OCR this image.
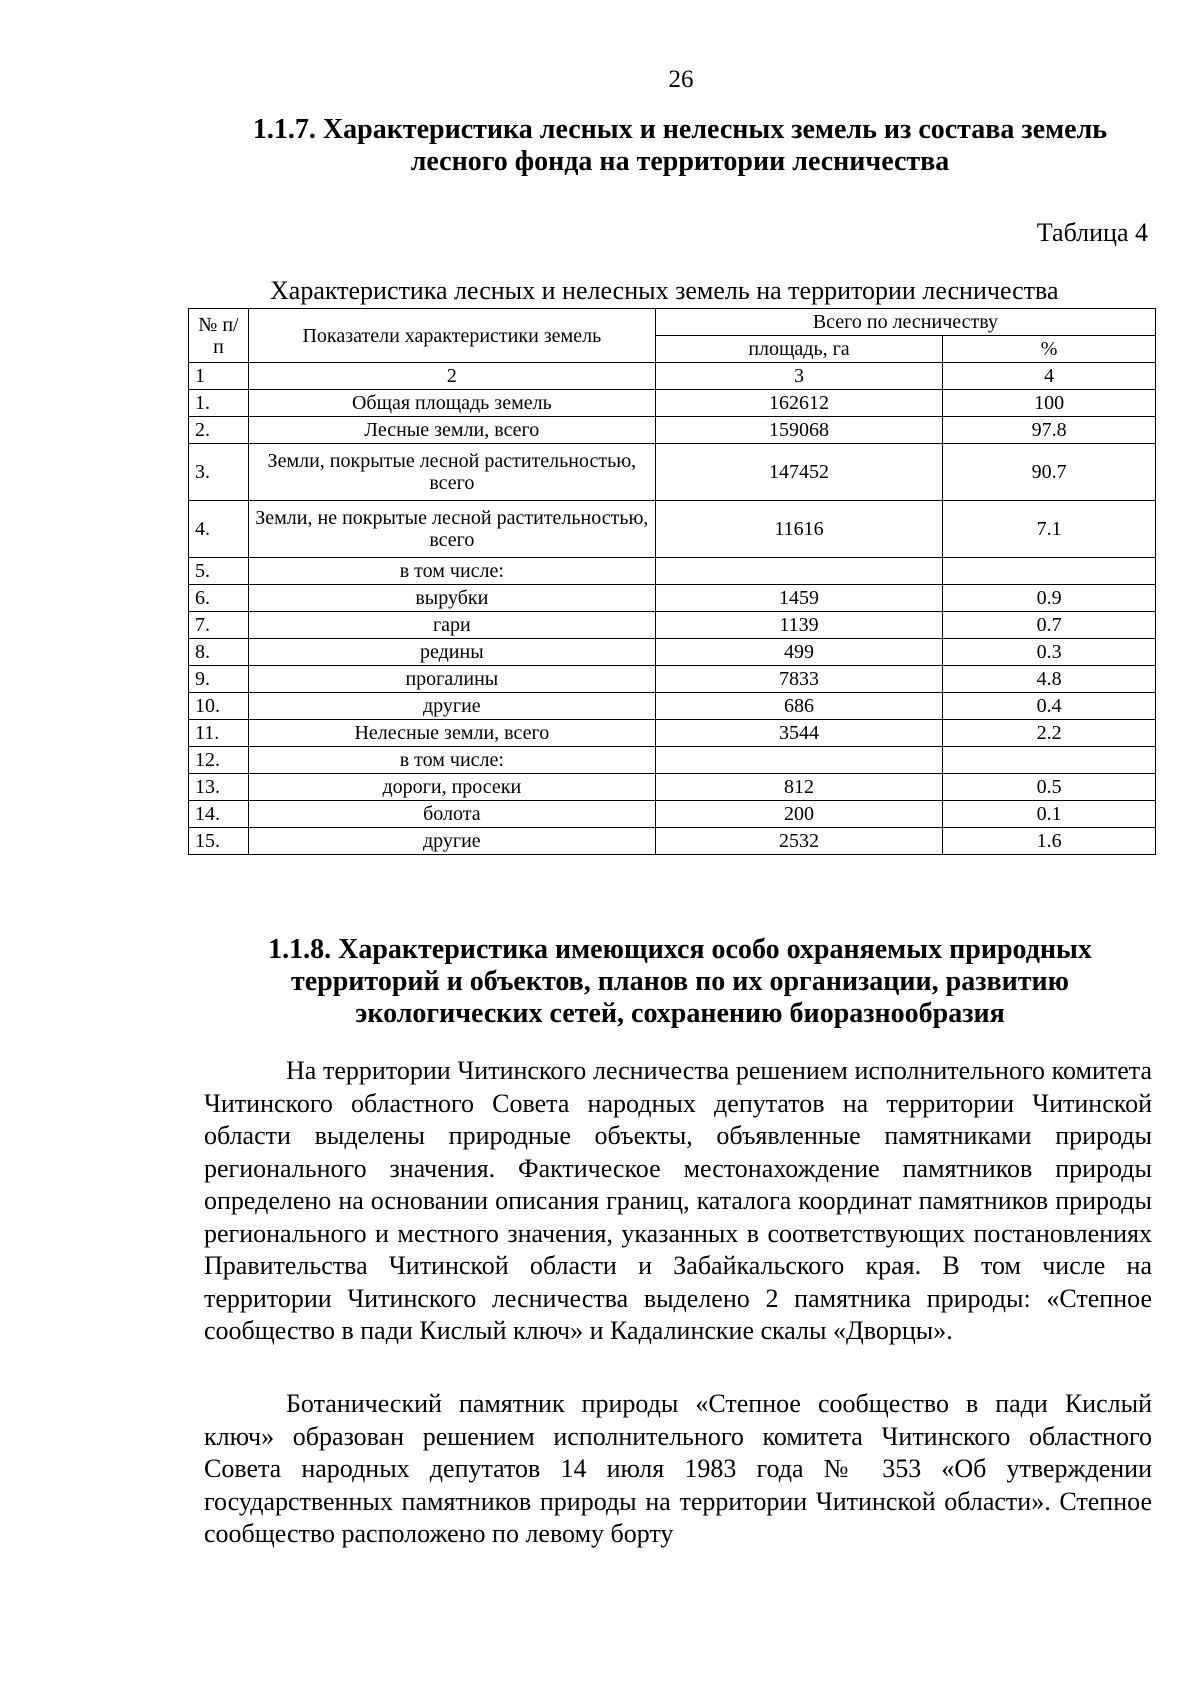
26
1.1.7. Характеристика лесных и нелесных земель из состава земель
лесного фонда на территории лесничества
Таблица 4
Характеристика лесных и нелесных земель на территории лесничества
№ п/п	Показатели характеристики земель	Всего по лесничеству	
		площадь, га	%
1	2	3	4
1.	Общая площадь земель	162612	100
2.	Лесные земли, всего	159068	97.8
3.	Земли, покрытые лесной растительностью, всего	147452	90.7
4.	Земли, не покрытые лесной растительностью, всего	11616	7.1
5.	в том числе:		
6.	вырубки	1459	0.9
7.	гари	1139	0.7
8.	редины	499	0.3
9.	прогалины	7833	4.8
10.	другие	686	0.4
11.	Нелесные земли, всего	3544	2.2
12.	в том числе:		
13.	дороги, просеки	812	0.5
14.	болота	200	0.1
15.	другие	2532	1.6
1.1.8. Характеристика имеющихся особо охраняемых природных
территорий и объектов, планов по их организации, развитию
экологических сетей, сохранению биоразнообразия

На территории Читинского лесничества решением исполнительного комитета Читинского областного Совета народных депутатов на территории Читинской области выделены природные объекты, объявленные памятниками природы регионального значения. Фактическое местонахождение памятников природы определено на основании описания границ, каталога координат памятников природы регионального и местного значения, указанных в соответствующих постановлениях Правительства Читинской области и Забайкальского края. В том числе на территории Читинского лесничества выделено 2 памятника природы: «Степное сообщество в пади Кислый ключ» и Кадалинские скалы «Дворцы».

Ботанический памятник природы «Степное сообщество в пади Кислый ключ» образован решением исполнительного комитета Читинского областного Совета народных депутатов 14 июля 1983 года № 353 «Об утверждении государственных памятников природы на территории Читинской области». Степное сообщество расположено по левому борту
